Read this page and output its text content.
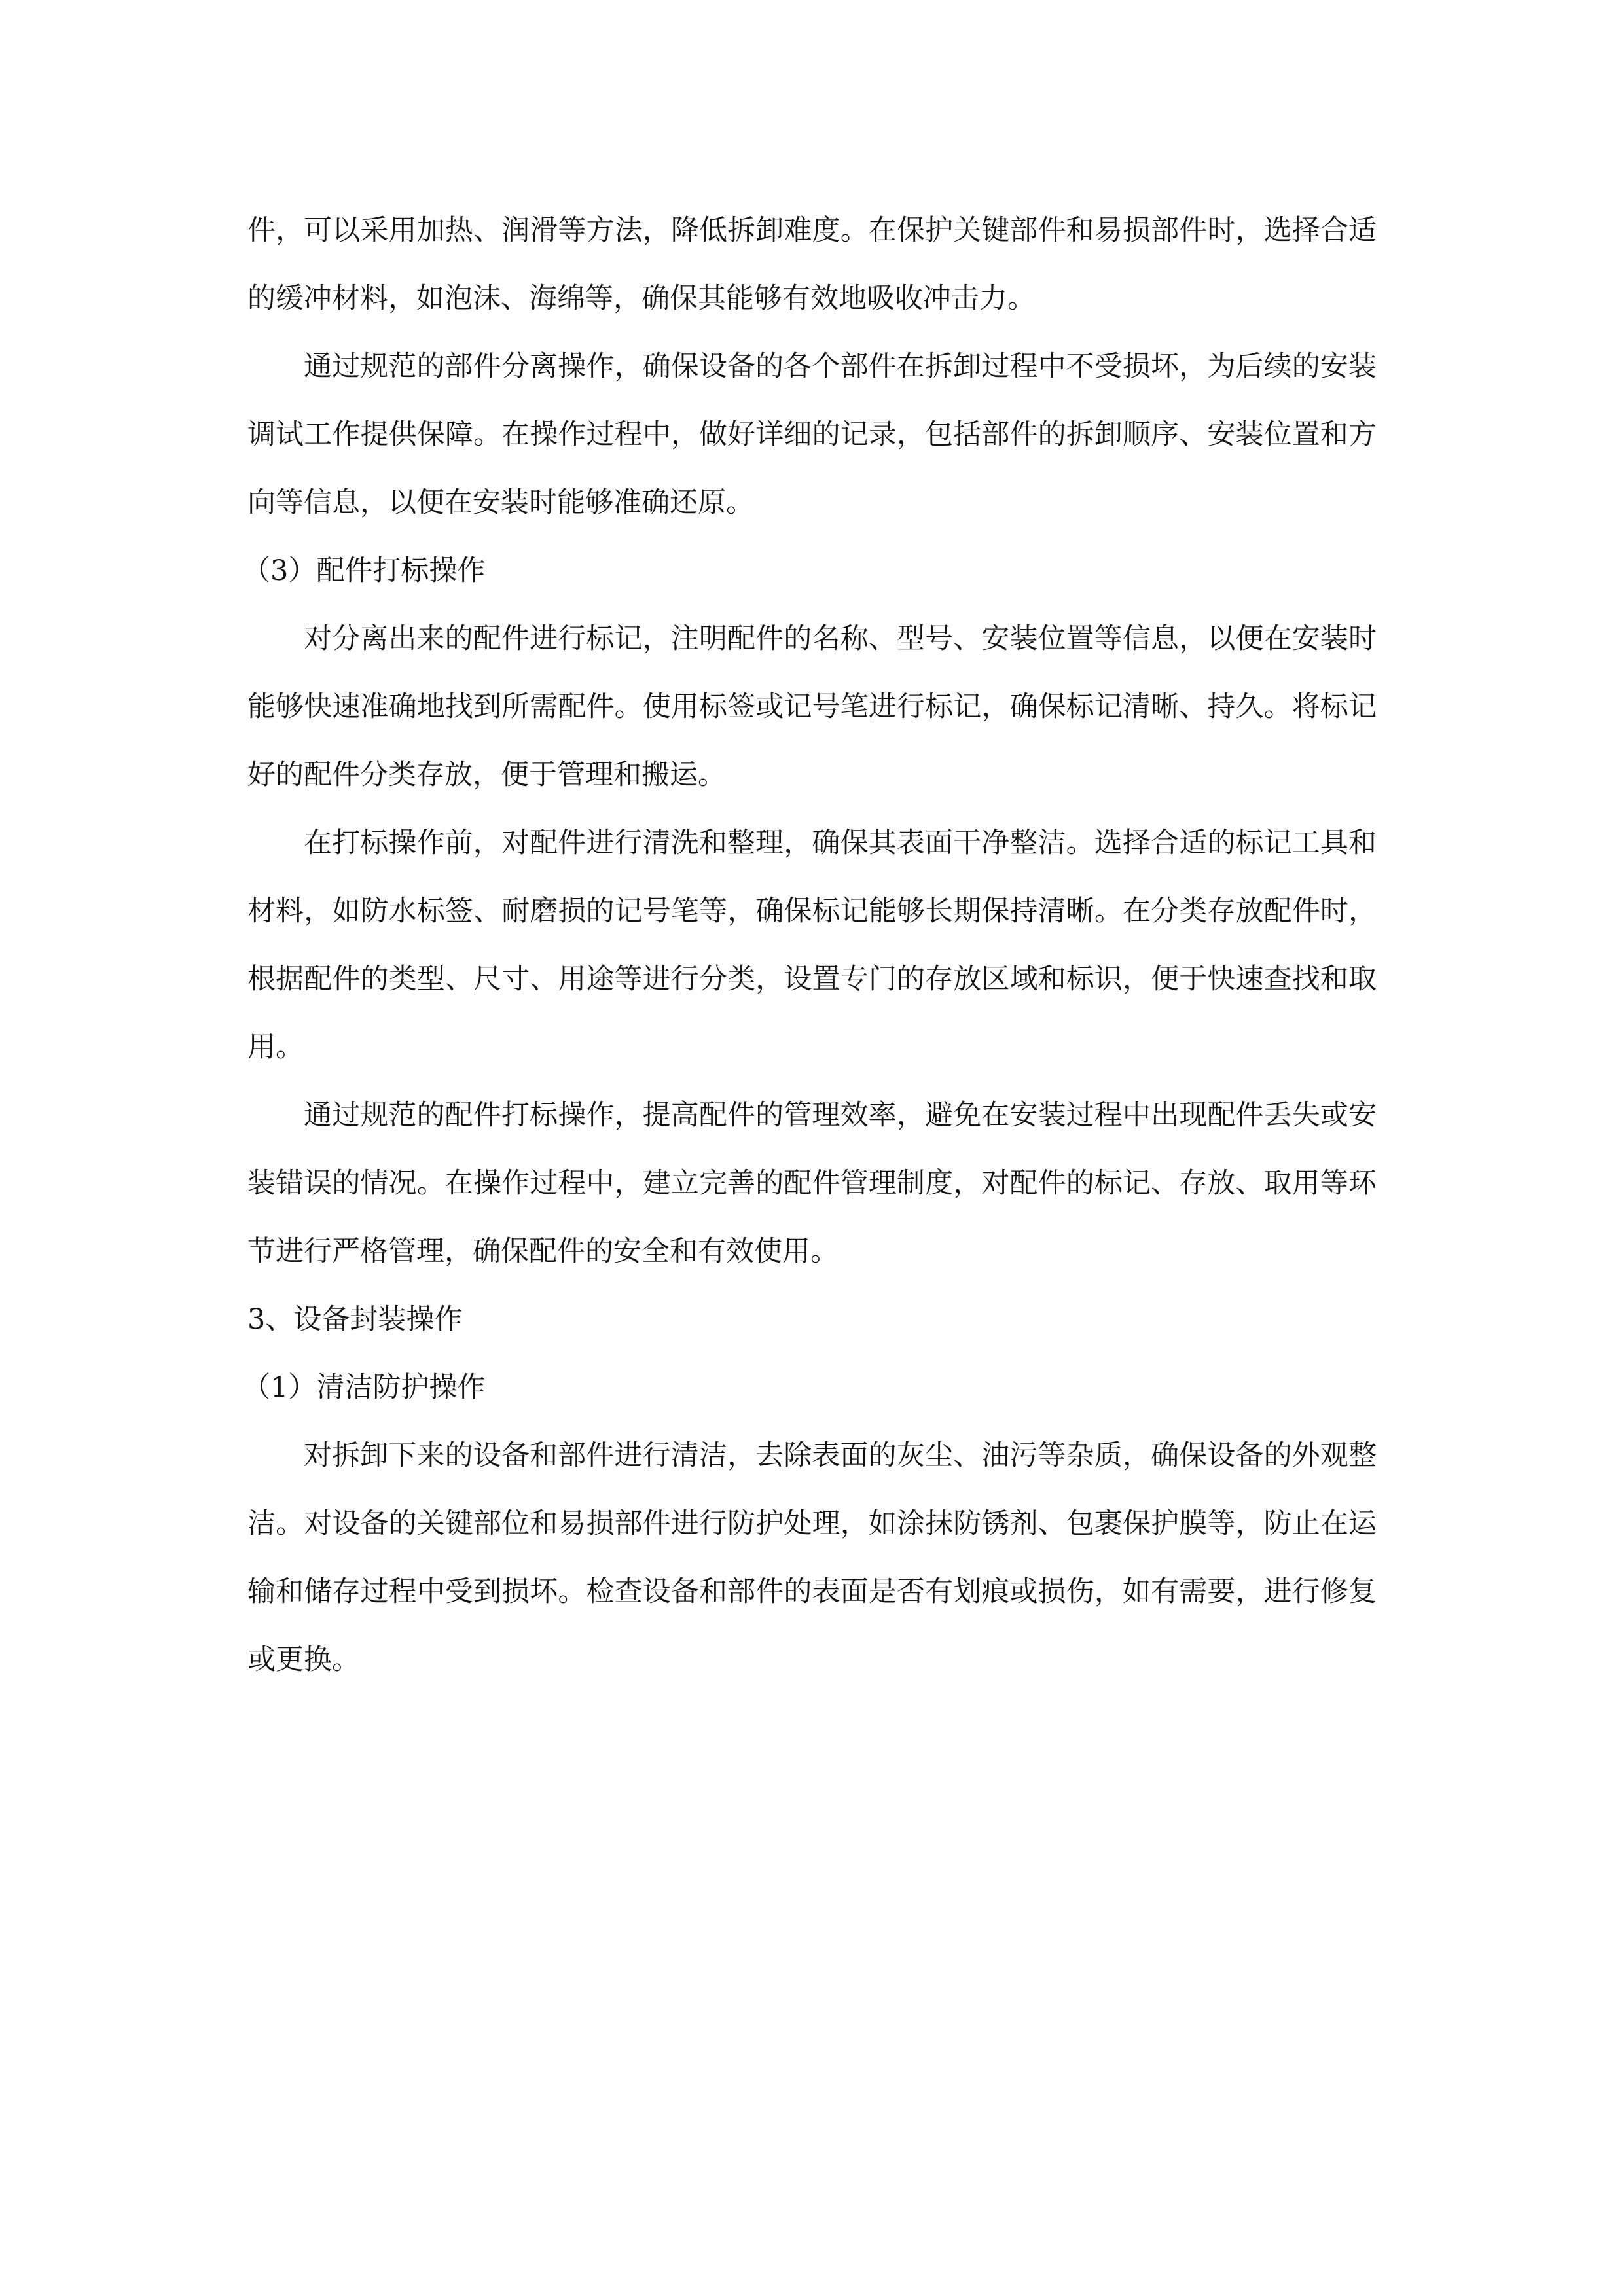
件，可以采用加热、润滑等方法，降低拆卸难度。在保护关键部件和易损部件时，选择合适的缓冲材料，如泡沫、海绵等，确保其能够有效地吸收冲击力。

通过规范的部件分离操作，确保设备的各个部件在拆卸过程中不受损坏，为后续的安装调试工作提供保障。在操作过程中，做好详细的记录，包括部件的拆卸顺序、安装位置和方向等信息，以便在安装时能够准确还原。

（3）配件打标操作

对分离出来的配件进行标记，注明配件的名称、型号、安装位置等信息，以便在安装时能够快速准确地找到所需配件。使用标签或记号笔进行标记，确保标记清晰、持久。将标记好的配件分类存放，便于管理和搬运。

在打标操作前，对配件进行清洗和整理，确保其表面干净整洁。选择合适的标记工具和材料，如防水标签、耐磨损的记号笔等，确保标记能够长期保持清晰。在分类存放配件时，根据配件的类型、尺寸、用途等进行分类，设置专门的存放区域和标识，便于快速查找和取用。

通过规范的配件打标操作，提高配件的管理效率，避免在安装过程中出现配件丢失或安装错误的情况。在操作过程中，建立完善的配件管理制度，对配件的标记、存放、取用等环节进行严格管理，确保配件的安全和有效使用。

3、设备封装操作

（1）清洁防护操作

对拆卸下来的设备和部件进行清洁，去除表面的灰尘、油污等杂质，确保设备的外观整洁。对设备的关键部位和易损部件进行防护处理，如涂抹防锈剂、包裹保护膜等，防止在运输和储存过程中受到损坏。检查设备和部件的表面是否有划痕或损伤，如有需要，进行修复或更换。
